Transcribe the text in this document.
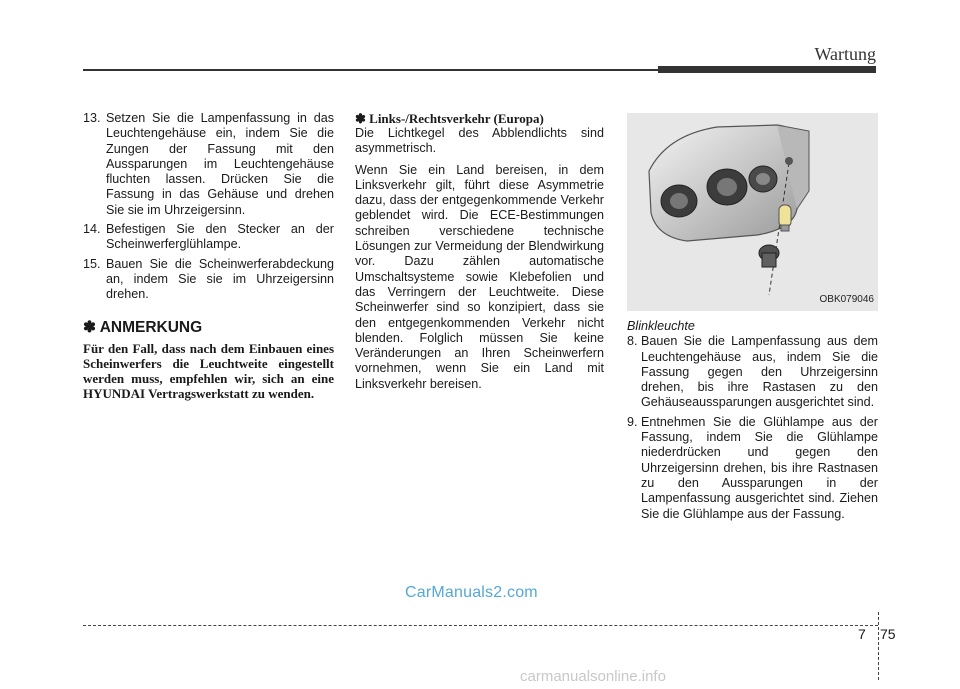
Wartung
13. Setzen Sie die Lampenfassung in das Leuchtengehäuse ein, indem Sie die Zungen der Fassung mit den Aussparungen im Leuchtengehäuse fluchten lassen. Drücken Sie die Fassung in das Gehäuse und drehen Sie sie im Uhrzeigersinn.
14. Befestigen Sie den Stecker an der Scheinwerferglühlampe.
15. Bauen Sie die Scheinwerferabdeckung an, indem Sie sie im Uhrzeigersinn drehen.
✽ ANMERKUNG
Für den Fall, dass nach dem Einbauen eines Scheinwerfers die Leuchtweite eingestellt werden muss, empfehlen wir, sich an eine HYUNDAI Vertragswerkstatt zu wenden.
✽ Links-/Rechtsverkehr (Europa)
Die Lichtkegel des Abblendlichts sind asymmetrisch.
Wenn Sie ein Land bereisen, in dem Linksverkehr gilt, führt diese Asymmetrie dazu, dass der entgegenkommende Verkehr geblendet wird. Die ECE-Bestimmungen schreiben verschiedene technische Lösungen zur Vermeidung der Blendwirkung vor. Dazu zählen automatische Umschaltsysteme sowie Klebefolien und das Verringern der Leuchtweite. Diese Scheinwerfer sind so konzipiert, dass sie den entgegenkommenden Verkehr nicht blenden. Folglich müssen Sie keine Veränderungen an Ihren Scheinwerfern vornehmen, wenn Sie ein Land mit Linksverkehr bereisen.
OBK079046
Blinkleuchte
8. Bauen Sie die Lampenfassung aus dem Leuchtengehäuse aus, indem Sie die Fassung gegen den Uhrzeigersinn drehen, bis ihre Rastasen zu den Gehäuseaussparungen ausgerichtet sind.
9. Entnehmen Sie die Glühlampe aus der Fassung, indem Sie die Glühlampe niederdrücken und gegen den Uhrzeigersinn drehen, bis ihre Rastnasen zu den Aussparungen in der Lampenfassung ausgerichtet sind. Ziehen Sie die Glühlampe aus der Fassung.
CarManuals2.com
7 75
carmanualsonline.info
